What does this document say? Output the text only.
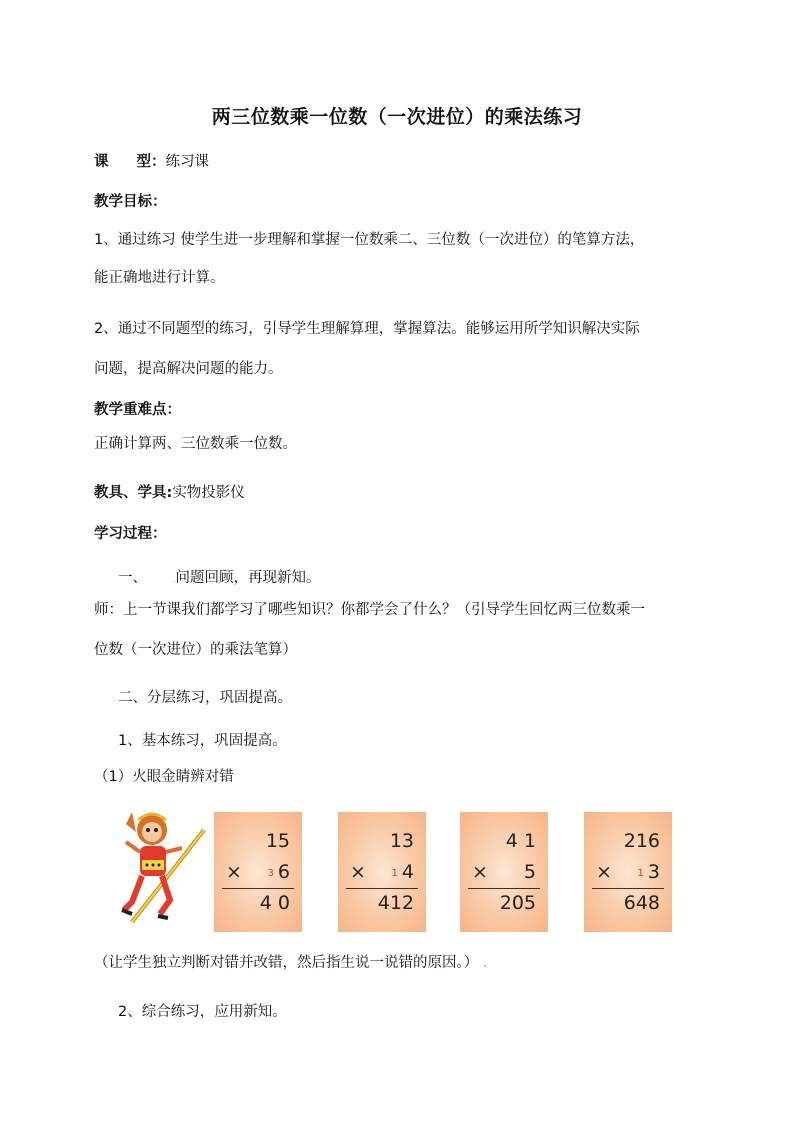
两三位数乘一位数（一次进位）的乘法练习
课 型：练习课
教学目标：
1、通过练习 使学生进一步理解和掌握一位数乘二、三位数（一次进位）的笔算方法，
能正确地进行计算。
2、通过不同题型的练习，引导学生理解算理，掌握算法。能够运用所学知识解决实际
问题，提高解决问题的能力。
教学重难点：
正确计算两、三位数乘一位数。
教具、学具:实物投影仪
学习过程：
一、	.问题回顾，再现新知。
师：上一节课我们都学习了哪些知识？你都学会了什么？（引导学生回忆两三位数乘一
位数（一次进位）的乘法笔算）
二、分层练习，巩固提高。
1、基本练习，巩固提高。
（1）火眼金睛辨对错
15
×	3 6
4 0
13
×	1 4
412
4 1
× 5
205
216
×	1 3
648
（让学生独立判断对错并改错，然后指生说一说错的原因。） .
2、综合练习，应用新知。
